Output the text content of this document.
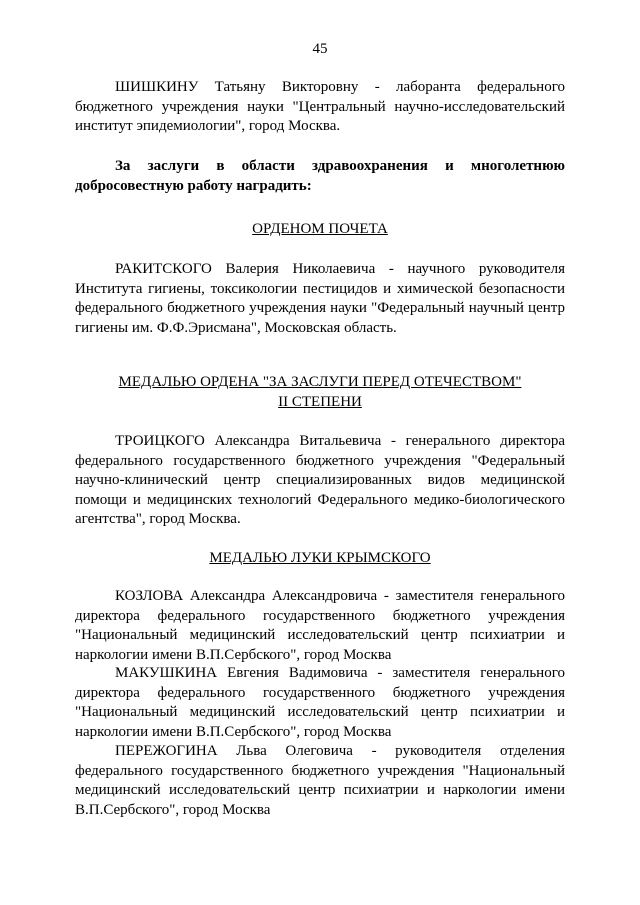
45

ШИШКИНУ Татьяну Викторовну - лаборанта федерального бюджетного учреждения науки "Центральный научно-исследовательский институт эпидемиологии", город Москва.

За заслуги в области здравоохранения и многолетнюю добросовестную работу наградить:

ОРДЕНОМ ПОЧЕТА

РАКИТСКОГО Валерия Николаевича - научного руководителя Института гигиены, токсикологии пестицидов и химической безопасности федерального бюджетного учреждения науки "Федеральный научный центр гигиены им. Ф.Ф.Эрисмана", Московская область.

МЕДАЛЬЮ ОРДЕНА "ЗА ЗАСЛУГИ ПЕРЕД ОТЕЧЕСТВОМ"
II СТЕПЕНИ

ТРОИЦКОГО Александра Витальевича - генерального директора федерального государственного бюджетного учреждения "Федеральный научно-клинический центр специализированных видов медицинской помощи и медицинских технологий Федерального медико-биологического агентства", город Москва.

МЕДАЛЬЮ ЛУКИ КРЫМСКОГО

КОЗЛОВА Александра Александровича - заместителя генерального директора федерального государственного бюджетного учреждения "Национальный медицинский исследовательский центр психиатрии и наркологии имени В.П.Сербского", город Москва

МАКУШКИНА Евгения Вадимовича - заместителя генерального директора федерального государственного бюджетного учреждения "Национальный медицинский исследовательский центр психиатрии и наркологии имени В.П.Сербского", город Москва

ПЕРЕЖОГИНА Льва Олеговича - руководителя отделения федерального государственного бюджетного учреждения "Национальный медицинский исследовательский центр психиатрии и наркологии имени В.П.Сербского", город Москва
